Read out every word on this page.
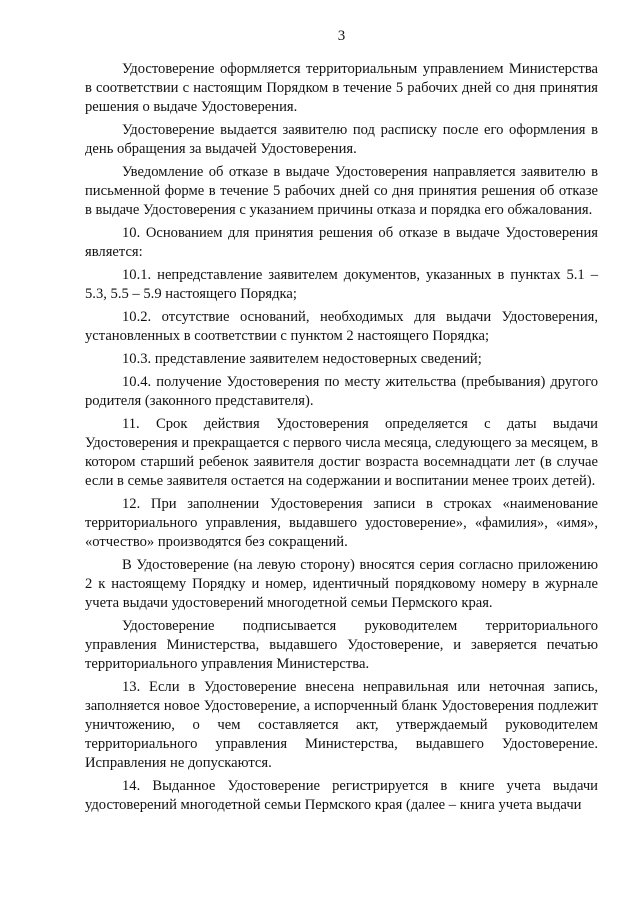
3

Удостоверение оформляется территориальным управлением Министерства в соответствии с настоящим Порядком в течение 5 рабочих дней со дня принятия решения о выдаче Удостоверения.

Удостоверение выдается заявителю под расписку после его оформления в день обращения за выдачей Удостоверения.

Уведомление об отказе в выдаче Удостоверения направляется заявителю в письменной форме в течение 5 рабочих дней со дня принятия решения об отказе в выдаче Удостоверения с указанием причины отказа и порядка его обжалования.

10. Основанием для принятия решения об отказе в выдаче Удостоверения является:

10.1. непредставление заявителем документов, указанных в пунктах 5.1 – 5.3, 5.5 – 5.9 настоящего Порядка;

10.2. отсутствие оснований, необходимых для выдачи Удостоверения, установленных в соответствии с пунктом 2 настоящего Порядка;

10.3. представление заявителем недостоверных сведений;

10.4. получение Удостоверения по месту жительства (пребывания) другого родителя (законного представителя).

11. Срок действия Удостоверения определяется с даты выдачи Удостоверения и прекращается с первого числа месяца, следующего за месяцем, в котором старший ребенок заявителя достиг возраста восемнадцати лет (в случае если в семье заявителя остается на содержании и воспитании менее троих детей).

12. При заполнении Удостоверения записи в строках «наименование территориального управления, выдавшего удостоверение», «фамилия», «имя», «отчество» производятся без сокращений.

В Удостоверение (на левую сторону) вносятся серия согласно приложению 2 к настоящему Порядку и номер, идентичный порядковому номеру в журнале учета выдачи удостоверений многодетной семьи Пермского края.

Удостоверение подписывается руководителем территориального управления Министерства, выдавшего Удостоверение, и заверяется печатью территориального управления Министерства.

13. Если в Удостоверение внесена неправильная или неточная запись, заполняется новое Удостоверение, а испорченный бланк Удостоверения подлежит уничтожению, о чем составляется акт, утверждаемый руководителем территориального управления Министерства, выдавшего Удостоверение. Исправления не допускаются.

14. Выданное Удостоверение регистрируется в книге учета выдачи удостоверений многодетной семьи Пермского края (далее – книга учета выдачи
